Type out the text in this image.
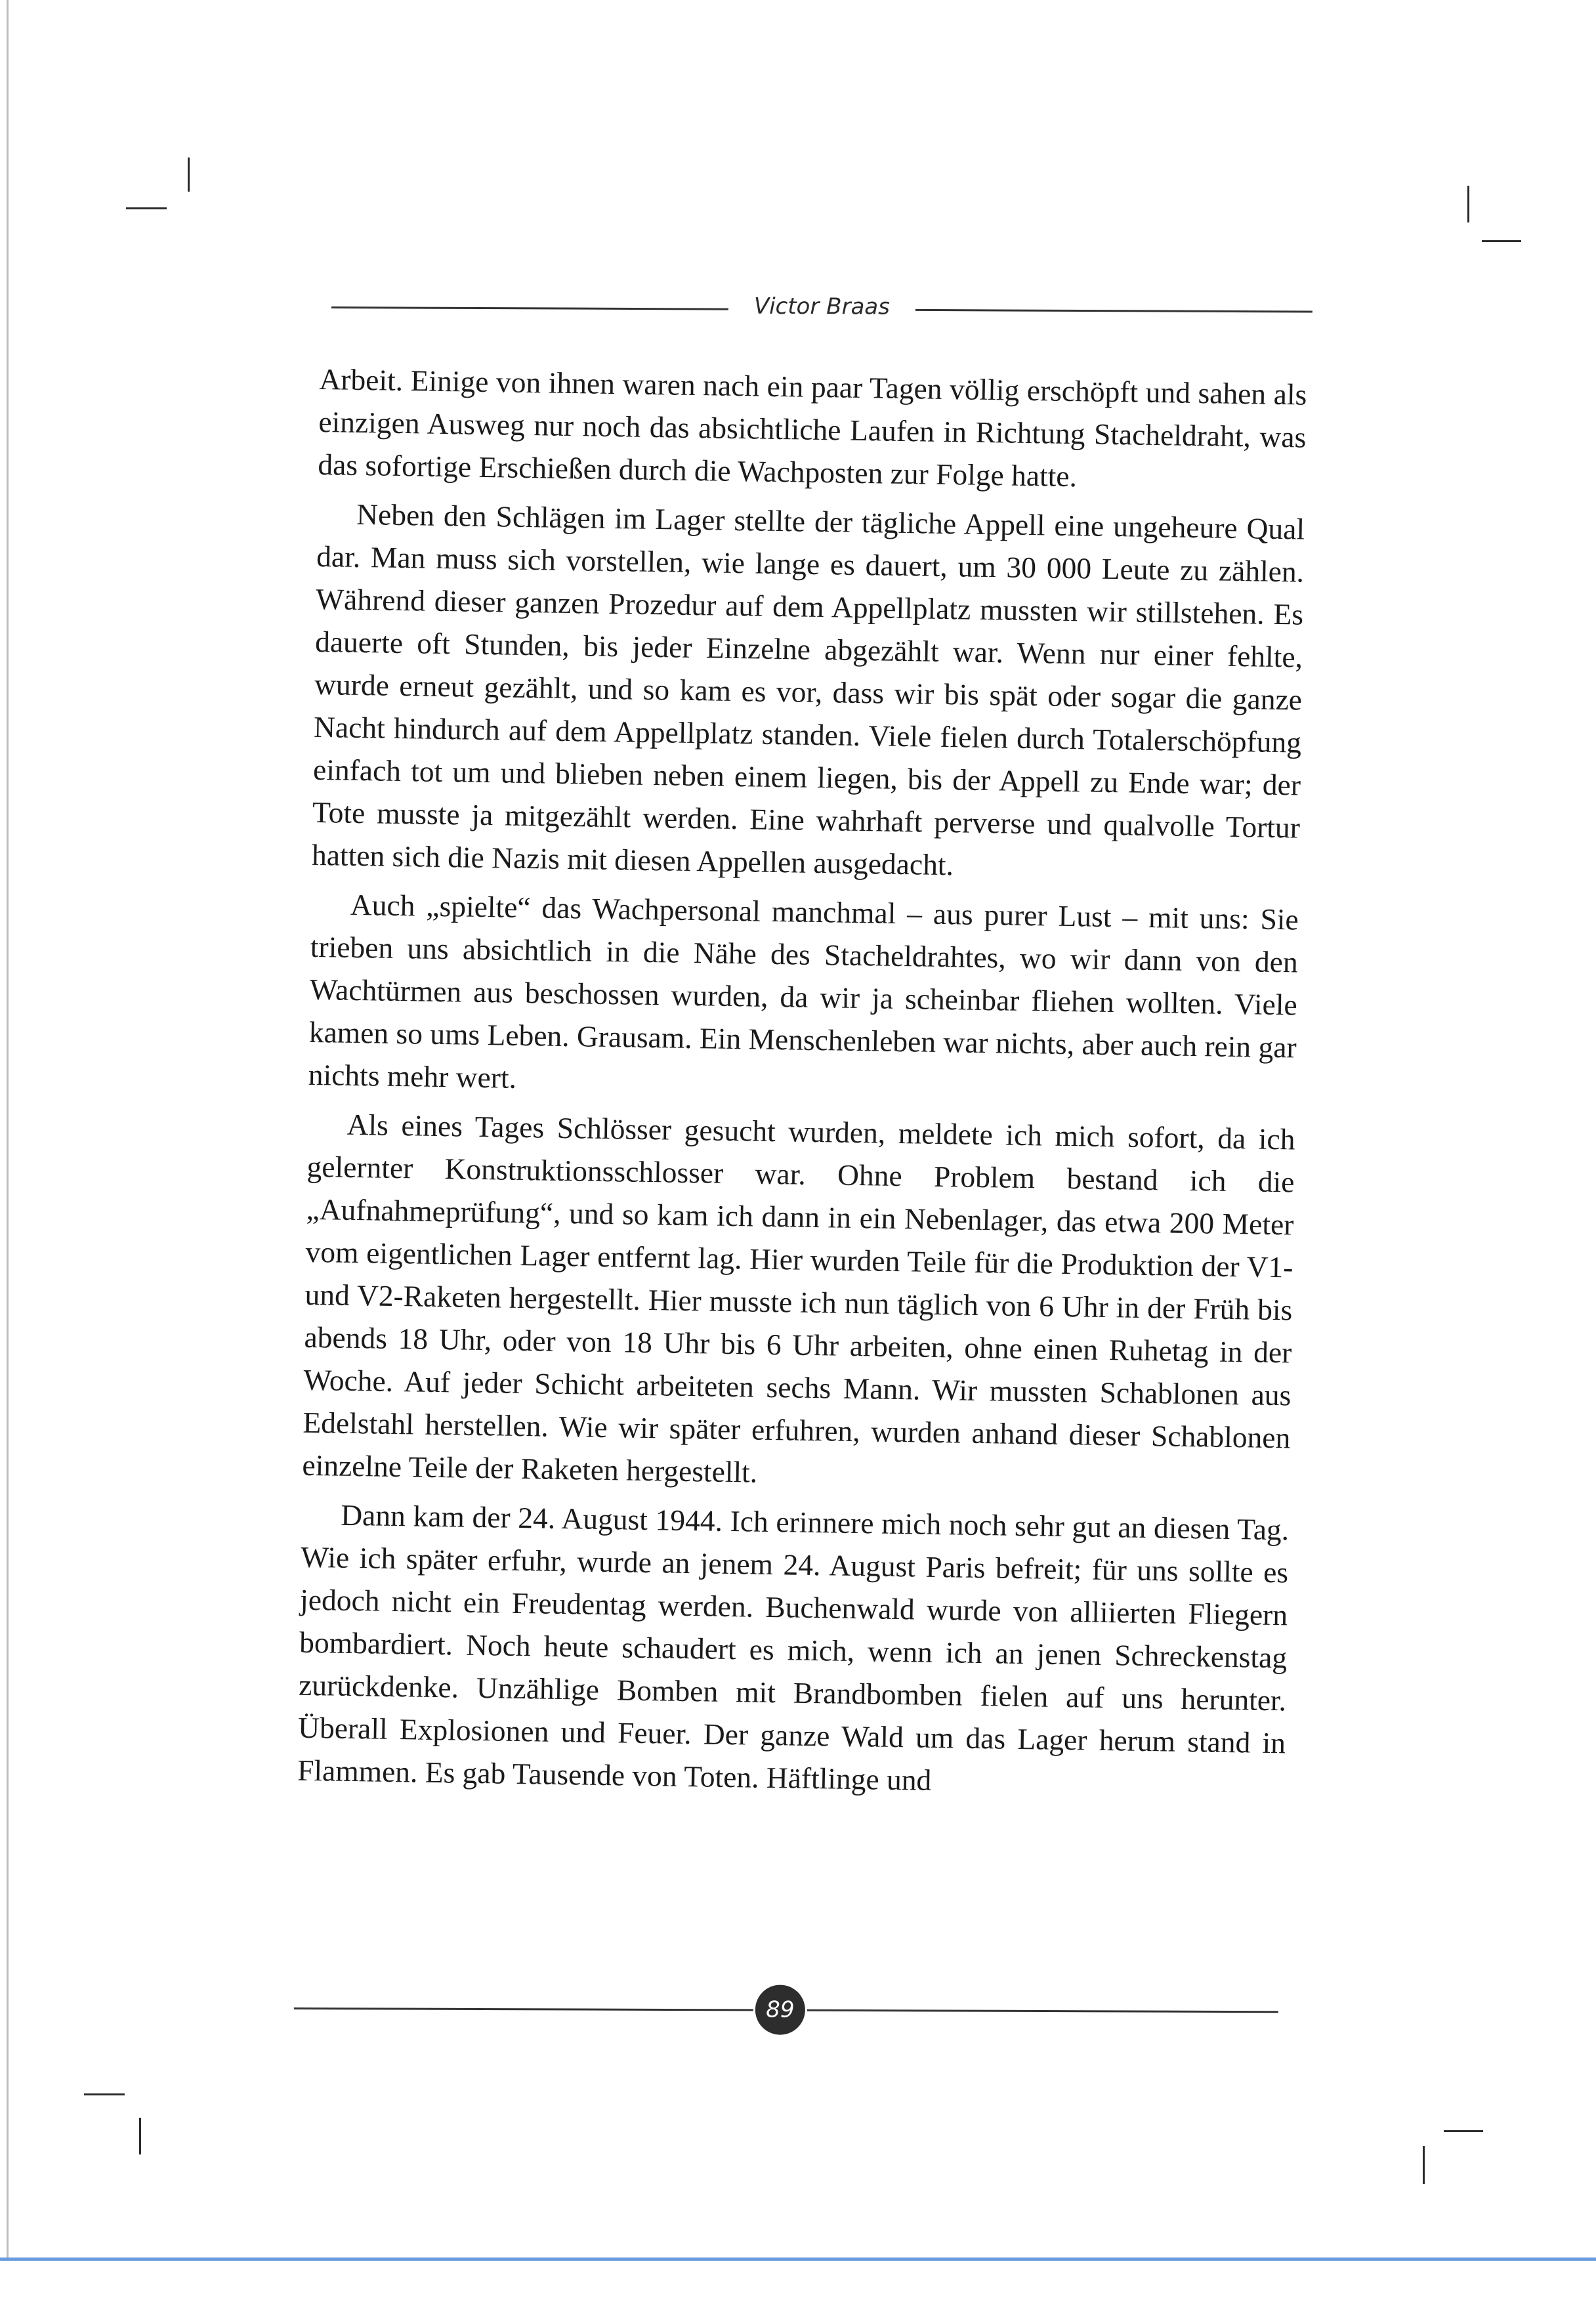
Victor Braas

Arbeit. Einige von ihnen waren nach ein paar Tagen völlig erschöpft und sahen als einzigen Ausweg nur noch das absichtliche Laufen in Richtung Stacheldraht, was das sofortige Erschießen durch die Wachposten zur Folge hatte.

Neben den Schlägen im Lager stellte der tägliche Appell eine ungeheure Qual dar. Man muss sich vorstellen, wie lange es dauert, um 30 000 Leute zu zählen. Während dieser ganzen Prozedur auf dem Appellplatz mussten wir stillstehen. Es dauerte oft Stunden, bis jeder Einzelne abgezählt war. Wenn nur einer fehlte, wurde erneut gezählt, und so kam es vor, dass wir bis spät oder sogar die ganze Nacht hindurch auf dem Appellplatz standen. Viele fielen durch Totalerschöpfung einfach tot um und blieben neben einem liegen, bis der Appell zu Ende war; der Tote musste ja mitgezählt werden. Eine wahrhaft perverse und qualvolle Tortur hatten sich die Nazis mit diesen Appellen ausgedacht.

Auch „spielte“ das Wachpersonal manchmal – aus purer Lust – mit uns: Sie trieben uns absichtlich in die Nähe des Stacheldrahtes, wo wir dann von den Wachtürmen aus beschossen wurden, da wir ja scheinbar fliehen wollten. Viele kamen so ums Leben. Grausam. Ein Menschenleben war nichts, aber auch rein gar nichts mehr wert.

Als eines Tages Schlösser gesucht wurden, meldete ich mich sofort, da ich gelernter Konstruktionsschlosser war. Ohne Problem bestand ich die „Aufnahmeprüfung“, und so kam ich dann in ein Nebenlager, das etwa 200 Meter vom eigentlichen Lager entfernt lag. Hier wurden Teile für die Produktion der V1- und V2-Raketen hergestellt. Hier musste ich nun täglich von 6 Uhr in der Früh bis abends 18 Uhr, oder von 18 Uhr bis 6 Uhr arbeiten, ohne einen Ruhetag in der Woche. Auf jeder Schicht arbeiteten sechs Mann. Wir mussten Schablonen aus Edelstahl herstellen. Wie wir später erfuhren, wurden anhand dieser Schablonen einzelne Teile der Raketen hergestellt.

Dann kam der 24. August 1944. Ich erinnere mich noch sehr gut an diesen Tag. Wie ich später erfuhr, wurde an jenem 24. August Paris befreit; für uns sollte es jedoch nicht ein Freudentag werden. Buchenwald wurde von alliierten Fliegern bombardiert. Noch heute schaudert es mich, wenn ich an jenen Schreckenstag zurückdenke. Unzählige Bomben mit Brandbomben fielen auf uns herunter. Überall Explosionen und Feuer. Der ganze Wald um das Lager herum stand in Flammen. Es gab Tausende von Toten. Häftlinge und

89
